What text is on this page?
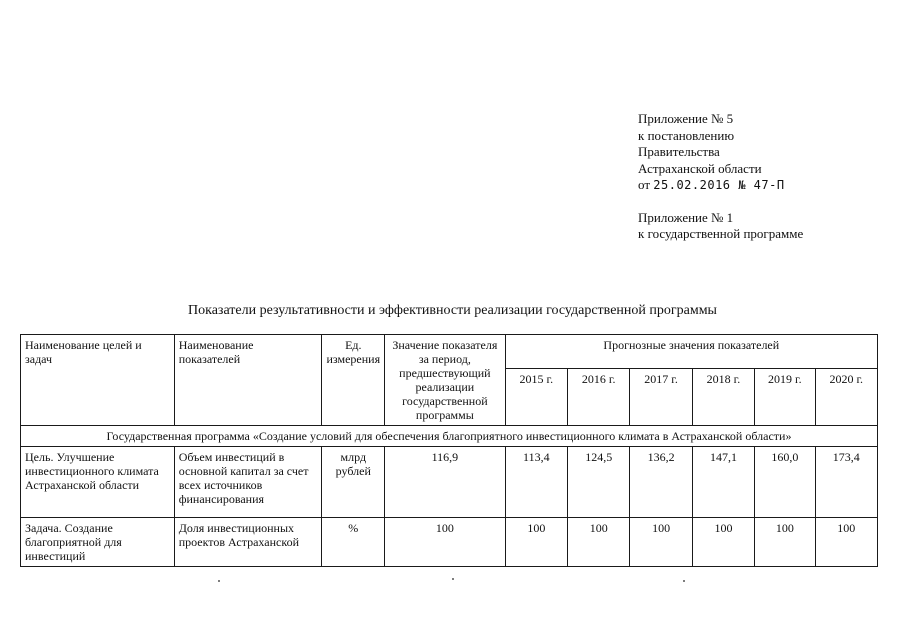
Приложение № 5
к постановлению
Правительства
Астраханской области
от 25.02.2016 № 47-П
Приложение № 1
к государственной программе
Показатели результативности и эффективности реализации государственной программы
Наименование целей и задач	Наименование показателей	Ед. измерения	Значение показателя за период, предшествующий реализации государственной программы	Прогнозные значения показателей					
				2015 г.	2016 г.	2017 г.	2018 г.	2019 г.	2020 г.
Государственная программа «Создание условий для обеспечения благоприятного инвестиционного климата в Астраханской области»									
Цель. Улучшение инвестиционного климата Астраханской области	Объем инвестиций в основной капитал за счет всех источников финансирования	млрд рублей	116,9	113,4	124,5	136,2	147,1	160,0	173,4
Задача. Создание благоприятной для инвестиций	Доля инвестиционных проектов Астраханской	%	100	100	100	100	100	100	100
